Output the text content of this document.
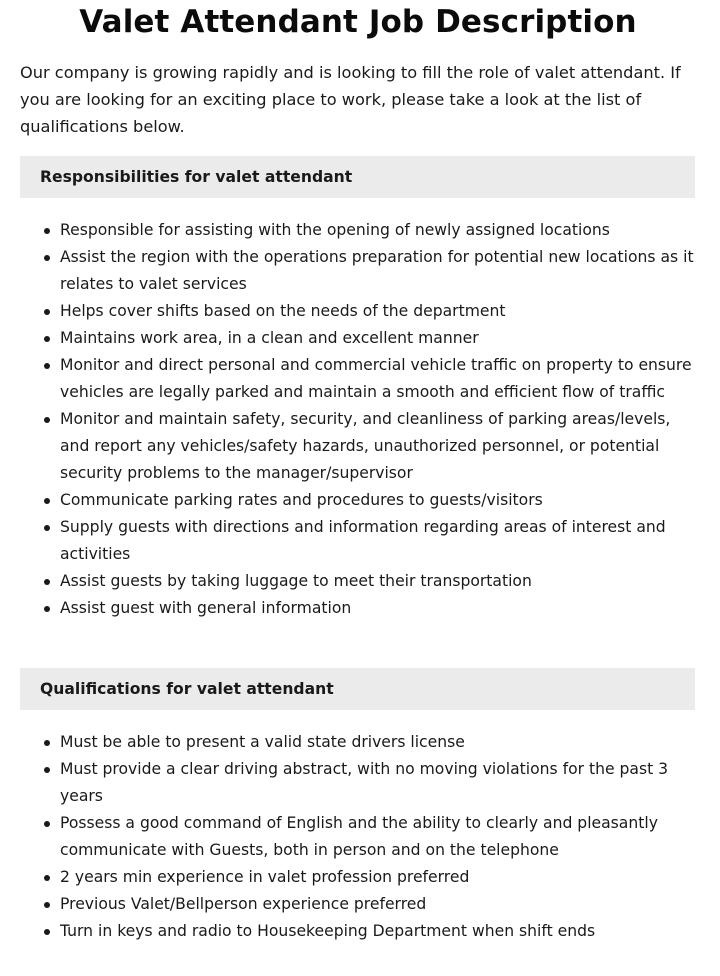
Valet Attendant Job Description

Our company is growing rapidly and is looking to fill the role of valet attendant. If you are looking for an exciting place to work, please take a look at the list of qualifications below.

Responsibilities for valet attendant
Responsible for assisting with the opening of newly assigned locations
Assist the region with the operations preparation for potential new locations as it relates to valet services
Helps cover shifts based on the needs of the department
Maintains work area, in a clean and excellent manner
Monitor and direct personal and commercial vehicle traffic on property to ensure vehicles are legally parked and maintain a smooth and efficient flow of traffic
Monitor and maintain safety, security, and cleanliness of parking areas/levels, and report any vehicles/safety hazards, unauthorized personnel, or potential security problems to the manager/supervisor
Communicate parking rates and procedures to guests/visitors
Supply guests with directions and information regarding areas of interest and activities
Assist guests by taking luggage to meet their transportation
Assist guest with general information
Qualifications for valet attendant
Must be able to present a valid state drivers license
Must provide a clear driving abstract, with no moving violations for the past 3 years
Possess a good command of English and the ability to clearly and pleasantly communicate with Guests, both in person and on the telephone
2 years min experience in valet profession preferred
Previous Valet/Bellperson experience preferred
Turn in keys and radio to Housekeeping Department when shift ends
